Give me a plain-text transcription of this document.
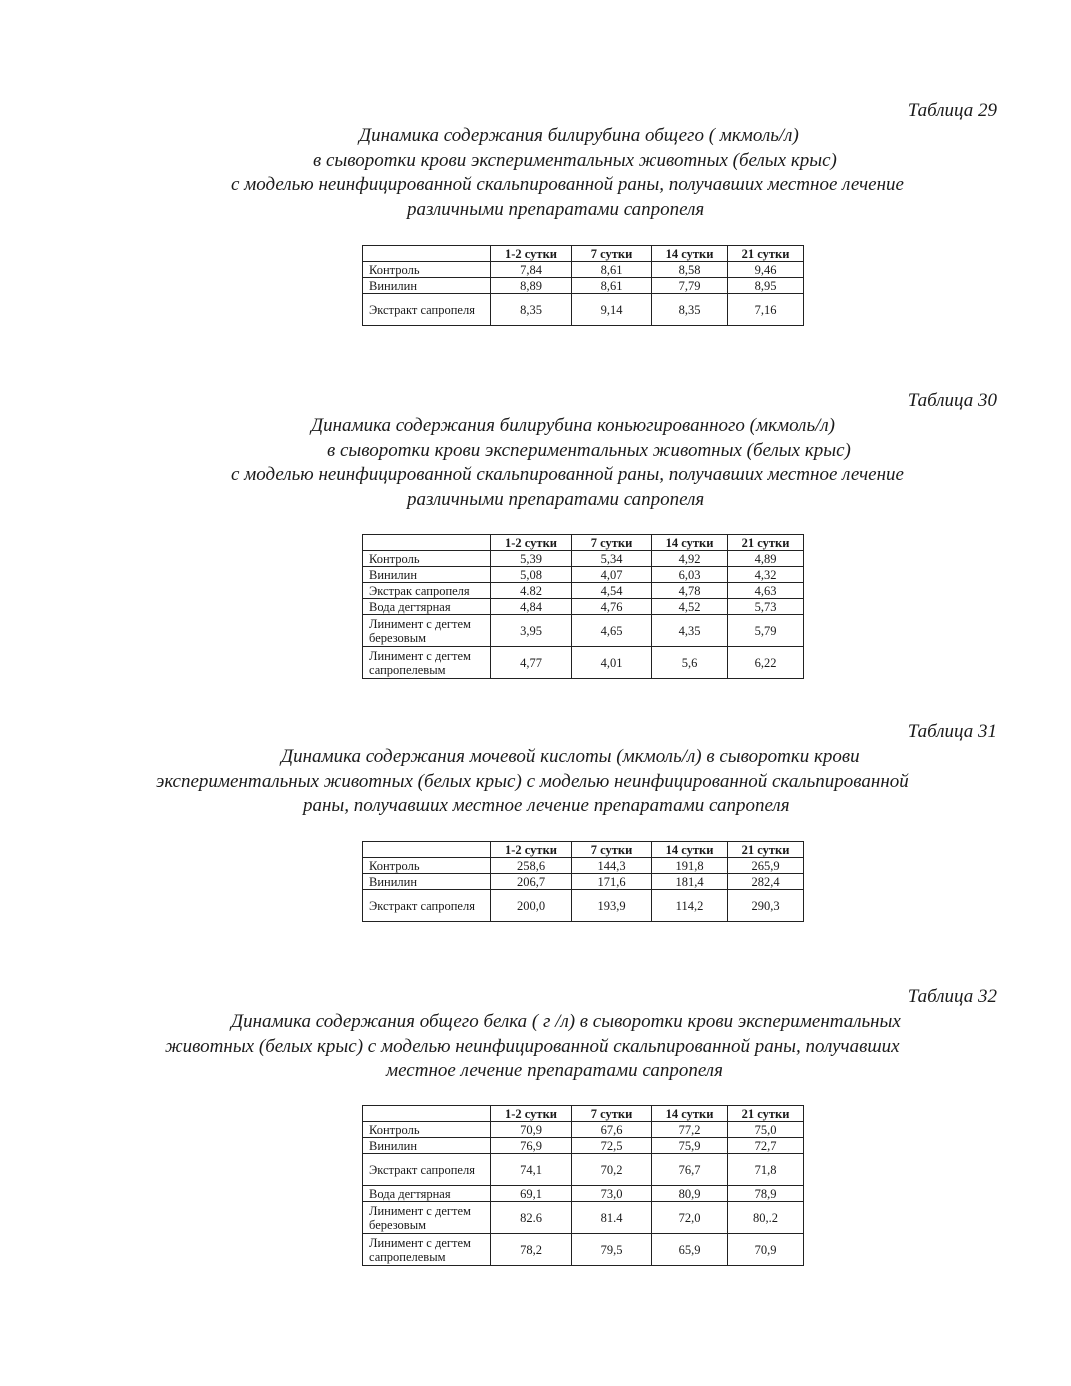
Таблица 29
Динамика содержания билирубина общего ( мкмоль/л)
в сыворотки крови экспериментальных животных (белых крыс)
с моделью неинфицированной скальпированной раны, получавших местное лечение
различными препаратами сапропеля
	1-2 сутки	7 сутки	14 сутки	21 сутки
Контроль	7,84	8,61	8,58	9,46
Винилин	8,89	8,61	7,79	8,95
Экстракт сапропеля	8,35	9,14	8,35	7,16
Таблица 30
Динамика содержания билирубина коньюгированного (мкмоль/л)
в сыворотки крови экспериментальных животных (белых крыс)
с моделью неинфицированной скальпированной раны, получавших местное лечение
различными препаратами сапропеля
	1-2 сутки	7 сутки	14 сутки	21 сутки
Контроль	5,39	5,34	4,92	4,89
Винилин	5,08	4,07	6,03	4,32
Экстрак сапропеля	4.82	4,54	4,78	4,63
Вода дегтярная	4,84	4,76	4,52	5,73
Линимент с дегтем березовым	3,95	4,65	4,35	5,79
Линимент с дегтем сапропелевым	4,77	4,01	5,6	6,22
Таблица 31
Динамика содержания мочевой кислоты (мкмоль/л) в сыворотки крови
экспериментальных животных (белых крыс) с моделью неинфицированной скальпированной
раны, получавших местное лечение препаратами сапропеля
	1-2 сутки	7 сутки	14 сутки	21 сутки
Контроль	258,6	144,3	191,8	265,9
Винилин	206,7	171,6	181,4	282,4
Экстракт сапропеля	200,0	193,9	114,2	290,3
Таблица 32
Динамика содержания общего белка ( г /л) в сыворотки крови экспериментальных
животных (белых крыс) с моделью неинфицированной скальпированной раны, получавших
местное лечение препаратами сапропеля
	1-2 сутки	7 сутки	14 сутки	21 сутки
Контроль	70,9	67,6	77,2	75,0
Винилин	76,9	72,5	75,9	72,7
Экстракт сапропеля	74,1	70,2	76,7	71,8
Вода дегтярная	69,1	73,0	80,9	78,9
Линимент с дегтем березовым	82.6	81.4	72,0	80,.2
Линимент с дегтем сапропелевым	78,2	79,5	65,9	70,9
